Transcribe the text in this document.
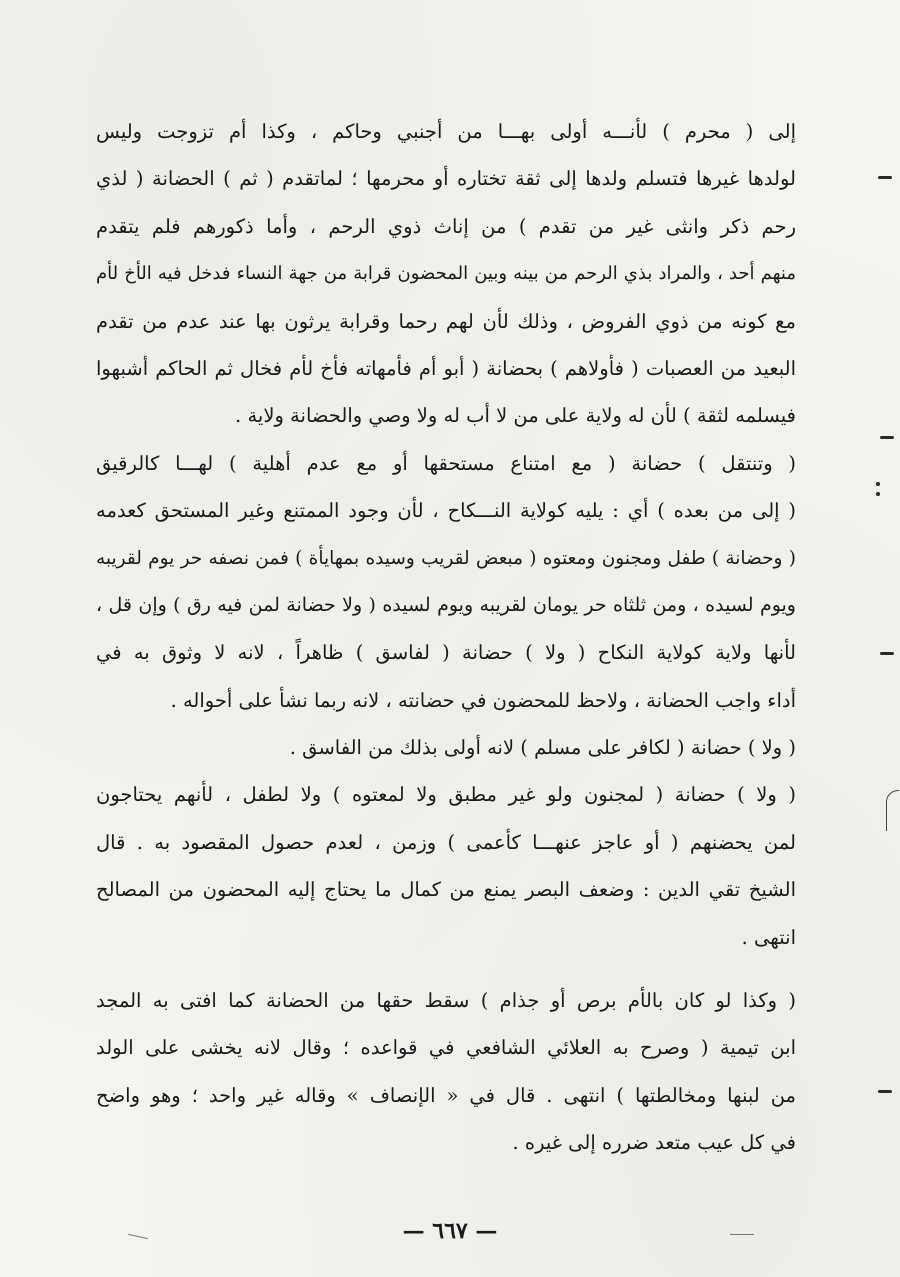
إلى ( محرم ) لأنـــه أولى بهـــا من أجنبي وحاكم ، وكذا أم تزوجت وليس
لولدها غيرها فتسلم ولدها إلى ثقة تختاره أو محرمها ؛ لماتقدم ( ثم ) الحضانة ( لذي
رحم ذكر وانثى غير من تقدم ) من إناث ذوي الرحم ، وأما ذكورهم فلم يتقدم
منهم أحد ، والمراد بذي الرحم من بينه وبين المحضون قرابة من جهة النساء فدخل فيه الأخ لأم
مع كونه من ذوي الفروض ، وذلك لأن لهم رحما وقرابة يرثون بها عند عدم من تقدم
البعيد من العصبات ( فأولاهم ) بحضانة ( أبو أم فأمهاته فأخ لأم فخال ثم الحاكم أشبهوا
فيسلمه لثقة ) لأن له ولاية على من لا أب له ولا وصي والحضانة ولاية .
( وتنتقل ) حضانة ( مع امتناع مستحقها أو مع عدم أهلية ) لهـــا كالرقيق
( إلى من بعده ) أي : يليه كولاية النـــكاح ، لأن وجود الممتنع وغير المستحق كعدمه
( وحضانة ) طفل ومجنون ومعتوه ( مبعض لقريب وسيده بمهايأة ) فمن نصفه حر يوم لقريبه
ويوم لسيده ، ومن ثلثاه حر يومان لقريبه ويوم لسيده ( ولا حضانة لمن فيه رق ) وإن قل ،
لأنها ولاية كولاية النكاح ( ولا ) حضانة ( لفاسق ) ظاهراً ، لانه لا وثوق به في
أداء واجب الحضانة ، ولاحظ للمحضون في حضانته ، لانه ربما نشأ على أحواله .
( ولا ) حضانة ( لكافر على مسلم ) لانه أولى بذلك من الفاسق .
( ولا ) حضانة ( لمجنون ولو غير مطبق ولا لمعتوه ) ولا لطفل ، لأنهم يحتاجون
لمن يحضنهم ( أو عاجز عنهـــا كأعمى ) وزمن ، لعدم حصول المقصود به . قال
الشيخ تقي الدين : وضعف البصر يمنع من كمال ما يحتاج إليه المحضون من المصالح
انتهى .
( وكذا لو كان بالأم برص أو جذام ) سقط حقها من الحضانة كما افتى به المجد
ابن تيمية ( وصرح به العلائي الشافعي في قواعده ؛ وقال لانه يخشى على الولد
من لبنها ومخالطتها ) انتهى . قال في « الإنصاف » وقاله غير واحد ؛ وهو واضح
في كل عيب متعد ضرره إلى غيره .
— ٦٦٧ —
